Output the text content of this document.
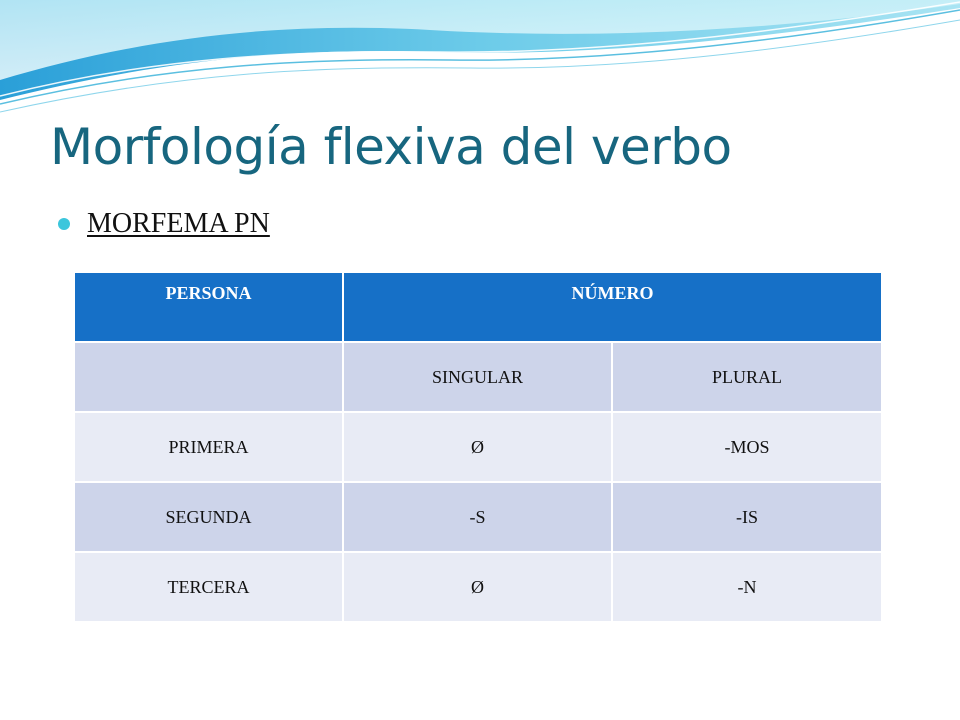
Morfología flexiva del verbo
MORFEMA PN
PERSONA	NÚMERO	
	SINGULAR	PLURAL
PRIMERA	Ø	-MOS
SEGUNDA	-S	-IS
TERCERA	Ø	-N
